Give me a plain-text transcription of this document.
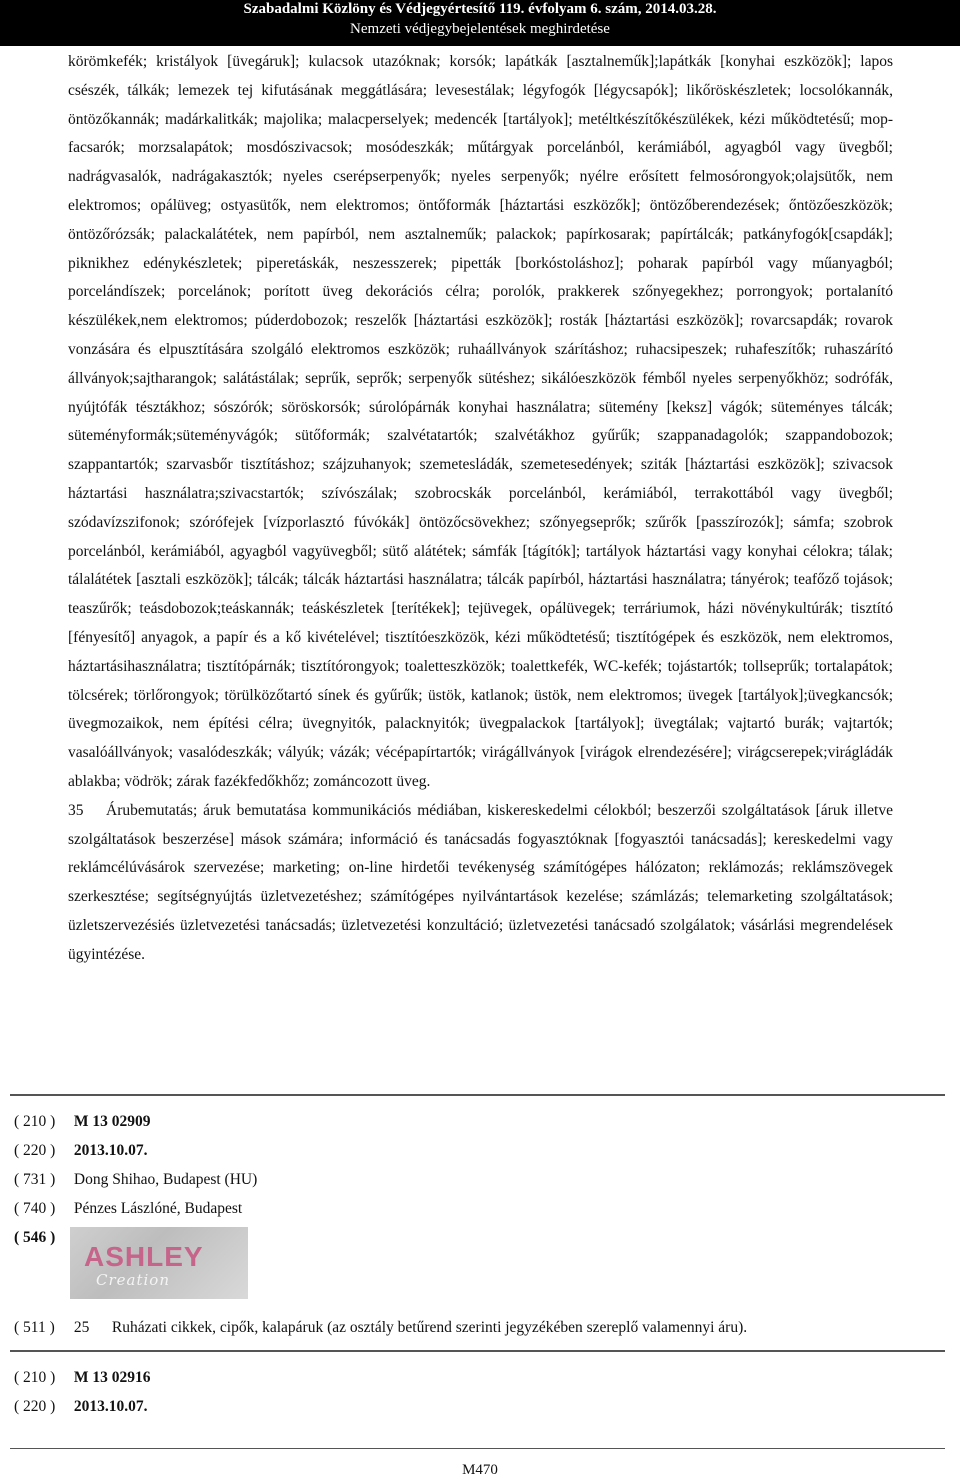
Szabadalmi Közlöny és Védjegyértesítő 119. évfolyam 6. szám, 2014.03.28.
Nemzeti védjegybejelentések meghirdetése

körömkefék; kristályok [üvegáruk]; kulacsok utazóknak; korsók; lapátkák [asztalneműk];lapátkák [konyhai eszközök]; lapos csészék, tálkák; lemezek tej kifutásának meggátlására; levesestálak; légyfogók [légycsapók]; likőröskészletek; locsolókannák, öntözőkannák; madárkalitkák; majolika; malacperselyek; medencék [tartályok]; metéltkészítőkészülékek, kézi működtetésű; mop-facsarók; morzsalapátok; mosdószivacsok; mosódeszkák; műtárgyak porcelánból, kerámiából, agyagból vagy üvegből; nadrágvasalók, nadrágakasztók; nyeles cserépserpenyők; nyeles serpenyők; nyélre erősített felmosórongyok;olajsütők, nem elektromos; opálüveg; ostyasütők, nem elektromos; öntőformák [háztartási eszközők]; öntözőberendezések; őntözőeszközök; öntözőrózsák; palackalátétek, nem papírból, nem asztalneműk; palackok; papírkosarak; papírtálcák; patkányfogók[csapdák]; piknikhez edénykészletek; piperetáskák, neszesszerek; pipetták [borkóstoláshoz]; poharak papírból vagy műanyagból; porcelándíszek; porcelánok; porított üveg dekorációs célra; porolók, prakkerek szőnyegekhez; porrongyok; portalanító készülékek,nem elektromos; púderdobozok; reszelők [háztartási eszközök]; rosták [háztartási eszközök]; rovarcsapdák; rovarok vonzására és elpusztítására szolgáló elektromos eszközök; ruhaállványok szárításhoz; ruhacsipeszek; ruhafeszítők; ruhaszárító állványok;sajtharangok; salátástálak; seprűk, seprők; serpenyők sütéshez; sikálóeszközök fémből nyeles serpenyőkhöz; sodrófák, nyújtófák tésztákhoz; sószórók; söröskorsók; súrolópárnák konyhai használatra; sütemény [keksz] vágók; süteményes tálcák; süteményformák;süteményvágók; sütőformák; szalvétatartók; szalvétákhoz gyűrűk; szappanadagolók; szappandobozok; szappantartók; szarvasbőr tisztításhoz; szájzuhanyok; szemetesládák, szemetesedények; sziták [háztartási eszközök]; szivacsok háztartási használatra;szivacstartók; szívószálak; szobrocskák porcelánból, kerámiából, terrakottából vagy üvegből; szódavízszifonok; szórófejek [vízporlasztó fúvókák] öntözőcsövekhez; szőnyegseprők; szűrők [passzírozók]; sámfa; szobrok porcelánból, kerámiából, agyagból vagyüvegből; sütő alátétek; sámfák [tágítók]; tartályok háztartási vagy konyhai célokra; tálak; tálalátétek [asztali eszközök]; tálcák; tálcák háztartási használatra; tálcák papírból, háztartási használatra; tányérok; teafőző tojások; teaszűrők; teásdobozok;teáskannák; teáskészletek [terítékek]; tejüvegek, opálüvegek; terráriumok, házi növénykultúrák; tisztító [fényesítő] anyagok, a papír és a kő kivételével; tisztítóeszközök, kézi működtetésű; tisztítógépek és eszközök, nem elektromos, háztartásihasználatra; tisztítópárnák; tisztítórongyok; toaletteszközök; toalettkefék, WC-kefék; tojástartók; tollseprűk; tortalapátok; tölcsérek; törlőrongyok; törülközőtartó sínek és gyűrűk; üstök, katlanok; üstök, nem elektromos; üvegek [tartályok];üvegkancsók; üvegmozaikok, nem építési célra; üvegnyitók, palacknyitók; üvegpalackok [tartályok]; üvegtálak; vajtartó burák; vajtartók; vasalóállványok; vasalódeszkák; vályúk; vázák; vécépapírtartók; virágállványok [virágok elrendezésére]; virágcserepek;virágládák ablakba; vödrök; zárak fazékfedőkhőz; zománcozott üveg.

35 Árubemutatás; áruk bemutatása kommunikációs médiában, kiskereskedelmi célokból; beszerzői szolgáltatások [áruk illetve szolgáltatások beszerzése] mások számára; információ és tanácsadás fogyasztóknak [fogyasztói tanácsadás]; kereskedelmi vagy reklámcélúvásárok szervezése; marketing; on-line hirdetői tevékenység számítógépes hálózaton; reklámozás; reklámszövegek szerkesztése; segítségnyújtás üzletvezetéshez; számítógépes nyilvántartások kezelése; számlázás; telemarketing szolgáltatások; üzletszervezésiés üzletvezetési tanácsadás; üzletvezetési konzultáció; üzletvezetési tanácsadó szolgálatok; vásárlási megrendelések ügyintézése.

( 210 ) M 13 02909
( 220 ) 2013.10.07.
( 731 ) Dong Shihao, Budapest (HU)
( 740 ) Pénzes Lászlóné, Budapest
( 546 )
ASHLEY
Creation
( 511 ) 25 Ruházati cikkek, cipők, kalapáruk (az osztály betűrend szerinti jegyzékében szereplő valamennyi áru).
( 210 ) M 13 02916
( 220 ) 2013.10.07.
M470
